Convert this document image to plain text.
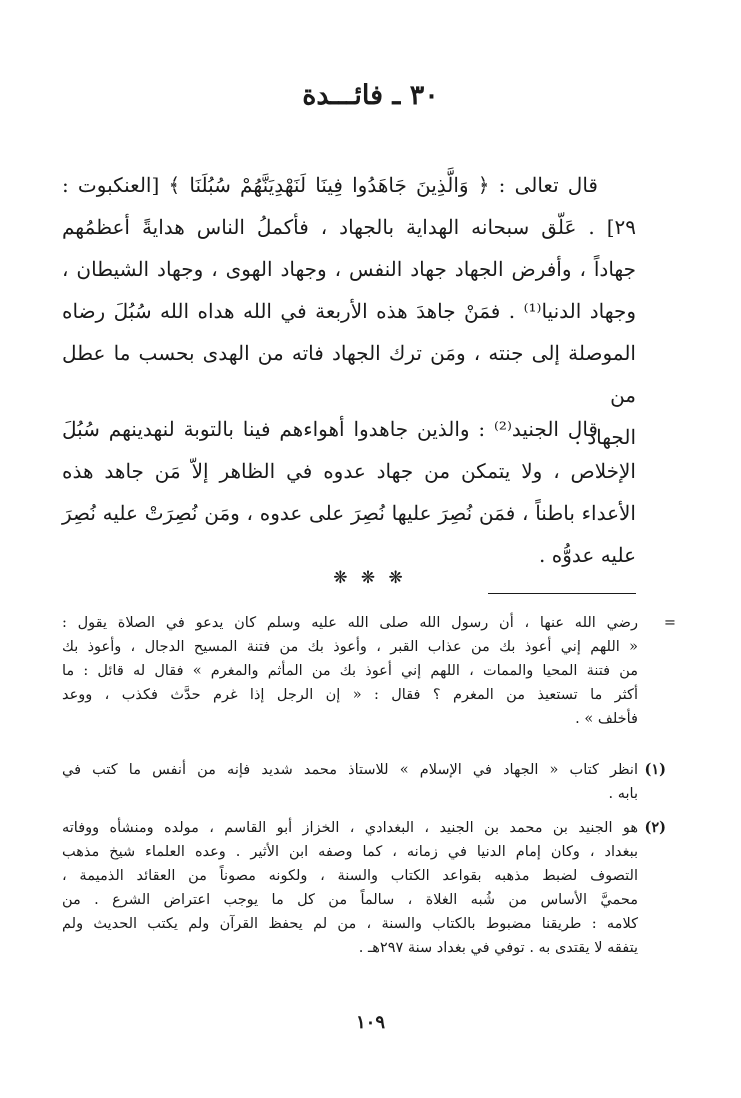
٣٠ ـ فائـــدة
قال تعالى : ﴿ وَالَّذِينَ جَاهَدُوا فِينَا لَنَهْدِيَنَّهُمْ سُبُلَنَا ﴾ [العنكبوت :
٢٩] . عَلّق سبحانه الهداية بالجهاد ، فأكملُ الناس هدايةً أعظمُهم
جهاداً ، وأفرض الجهاد جهاد النفس ، وجهاد الهوى ، وجهاد الشيطان ،
وجهاد الدنيا⁽¹⁾ . فمَنْ جاهدَ هذه الأربعة في الله هداه الله سُبُلَ رضاه
الموصلة إلى جنته ، ومَن ترك الجهاد فاته من الهدى بحسب ما عطل من
الجهاد .
قال الجنيد⁽²⁾ : والذين جاهدوا أهواءهم فينا بالتوبة لنهدينهم سُبُلَ
الإخلاص ، ولا يتمكن من جهاد عدوه في الظاهر إلاّ مَن جاهد هذه
الأعداء باطناً ، فمَن نُصِرَ عليها نُصِرَ على عدوه ، ومَن نُصِرَتْ عليه نُصِرَ
عليه عدوُّه .
❋ ❋ ❋
=
رضي الله عنها ، أن رسول الله صلى الله عليه وسلم كان يدعو في الصلاة يقول :
« اللهم إني أعوذ بك من عذاب القبر ، وأعوذ بك من فتنة المسيح الدجال ، وأعوذ بك
من فتنة المحيا والممات ، اللهم إني أعوذ بك من المأثم والمغرم » فقال له قائل : ما
أكثر ما تستعيذ من المغرم ؟ فقال : « إن الرجل إذا غرم حدَّث فكذب ، ووعد
فأخلف » .
(١)
انظر كتاب « الجهاد في الإسلام » للاستاذ محمد شديد فإنه من أنفس ما كتب في
بابه .
(٢)
هو الجنيد بن محمد بن الجنيد ، البغدادي ، الخزاز أبو القاسم ، مولده ومنشأه ووفاته
ببغداد ، وكان إمام الدنيا في زمانه ، كما وصفه ابن الأثير . وعده العلماء شيخ مذهب
التصوف لضبط مذهبه بقواعد الكتاب والسنة ، ولكونه مصوناً من العقائد الذميمة ،
محميَّ الأساس من شُبه الغلاة ، سالماً من كل ما يوجب اعتراض الشرع . من
كلامه : طريقنا مضبوط بالكتاب والسنة ، من لم يحفظ القرآن ولم يكتب الحديث ولم
يتفقه لا يقتدى به . توفي في بغداد سنة ٢٩٧هـ .
١٠٩
